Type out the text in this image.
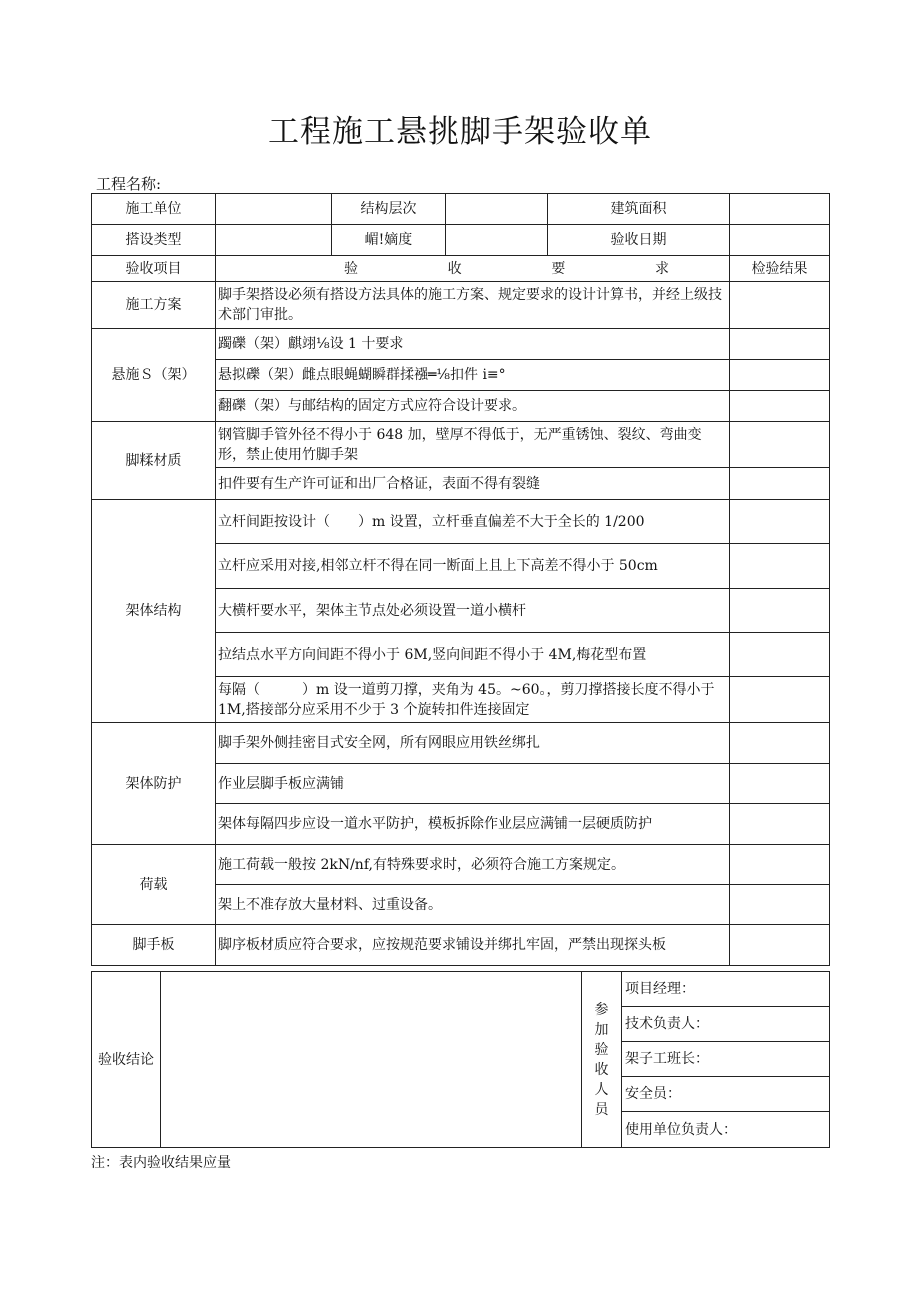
工程施工悬挑脚手架验收单
工程名称:
施工单位		结构层次		建筑面积	
搭设类型		嵋!嫡度		验收日期	
验收项目	验　　收　　要　　求				检验结果
施工方案	脚手架搭设必须有搭设方法具体的施工方案、规定要求的设计计算书，并经上级技术部门审批。				
悬施Ｓ（架）	躅礫（架）麒翊⅛设 1 十要求				
	悬拟礫（架）雌点眼蝇蝴瞬群揉襁═⅛扣件 i≡°				
	翻礫（架）与邮结构的固定方式应符合设计要求。				
脚糅材质	钢管脚手管外径不得小于 648 加，壁厚不得低于，无严重锈蚀、裂纹、弯曲变形，禁止使用竹脚手架				
	扣件要有生产许可证和出厂合格证，表面不得有裂缝				
架体结构	立杆间距按设计（　　）m 设置，立杆垂直偏差不大于全长的 1/200				
	立杆应采用对接,相邻立杆不得在同一断面上且上下高差不得小于 50cm				
	大横杆要水平，架体主节点处必须设置一道小横杆				
	拉结点水平方向间距不得小于 6M,竖向间距不得小于 4M,梅花型布置				
	每隔（　　　）m 设一道剪刀撑，夹角为 45。~60。，剪刀撑搭接长度不得小于 1M,搭接部分应采用不少于 3 个旋转扣件连接固定				
架体防护	脚手架外侧挂密目式安全网，所有网眼应用铁丝绑扎				
	作业层脚手板应满铺				
	架体每隔四步应设一道水平防护，模板拆除作业层应满铺一层硬质防护				
荷载	施工荷载一般按 2kN/nf,有特殊要求时，必须符合施工方案规定。				
	架上不准存放大量材料、过重设备。				
脚手板	脚序板材质应符合要求，应按规范要求铺设并绑扎牢固，严禁出现探头板				
验收结论		
参
加
验
收
人
员
	项目经理：
技术负责人：
架子工班长：
安全员：
使用单位负责人：
注：表内验收结果应量
